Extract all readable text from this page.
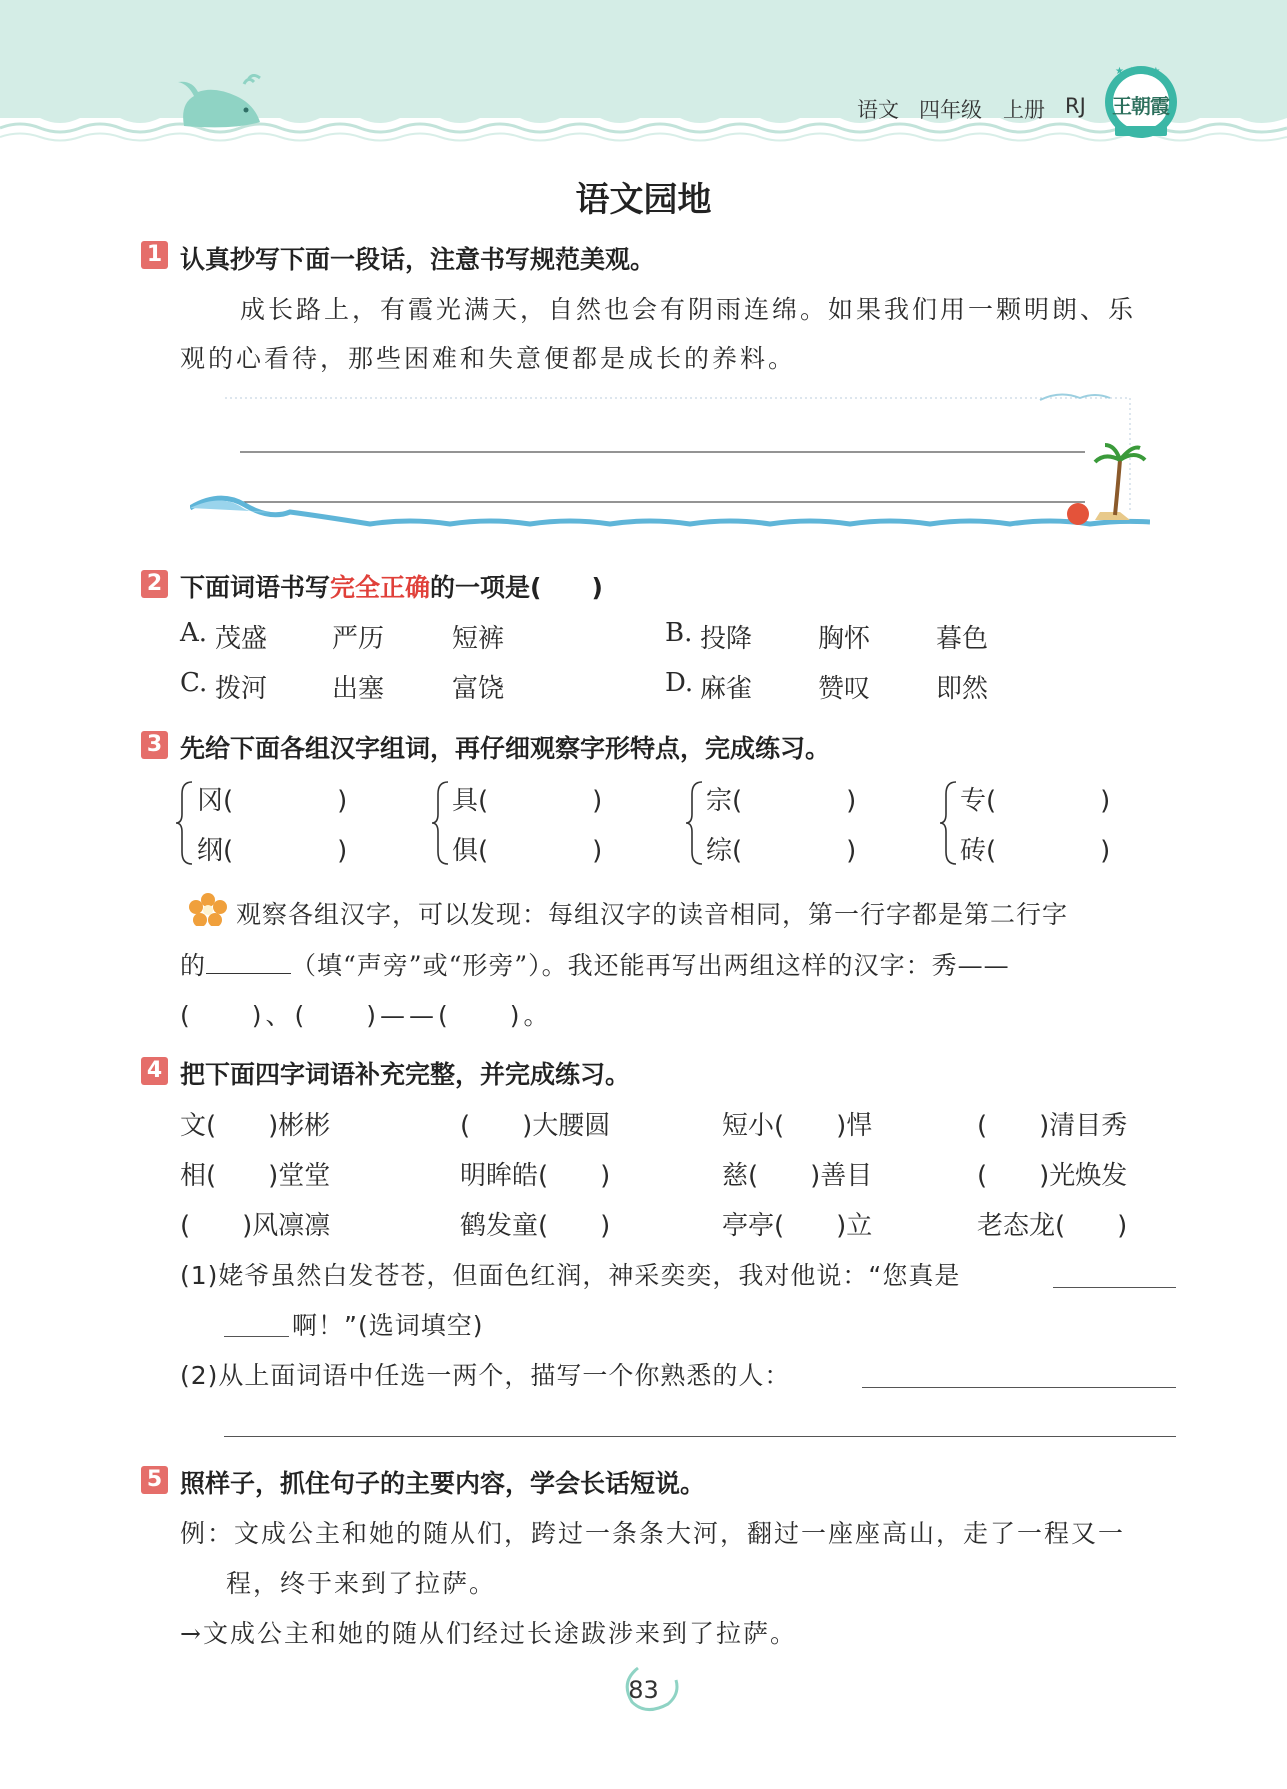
语文 四年级 上册 RJ
★ ★ ★ ★
王朝霞
语文园地
1 认真抄写下面一段话，注意书写规范美观。
成长路上，有霞光满天，自然也会有阴雨连绵。如果我们用一颗明朗、乐
观的心看待，那些困难和失意便都是成长的养料。
2 下面词语书写完全正确的一项是(　　)
A. 茂盛 严历	短裤	B. 投降	胸怀	暮色
C. 拨河 出塞	富饶	D. 麻雀	赞叹	即然
3 先给下面各组汉字组词，再仔细观察字形特点，完成练习。
冈(	)
纲(	)
具(	)
俱(	)
宗(	)
综(	)
专(	)
砖(	)
观察各组汉字，可以发现：每组汉字的读音相同，第一行字都是第二行字
的	（填“声旁”或“形旁”）。我还能再写出两组这样的汉字：秀——
(　　)、(　　)——(　　)。
4 把下面四字词语补充完整，并完成练习。
文(　　)彬彬	(　　)大腰圆	短小(　　)悍	(　　)清目秀
相(　　)堂堂	明眸皓(　　)	慈(　　)善目	(　　)光焕发
(　　)风凛凛	鹤发童(　　)	亭亭(　　)立	老态龙(　　)
(1)姥爷虽然白发苍苍，但面色红润，神采奕奕，我对他说：“您真是
啊！”(选词填空)
(2)从上面词语中任选一两个，描写一个你熟悉的人：
5 照样子，抓住句子的主要内容，学会长话短说。
例：文成公主和她的随从们，跨过一条条大河，翻过一座座高山，走了一程又一
程，终于来到了拉萨。
→文成公主和她的随从们经过长途跋涉来到了拉萨。
83
